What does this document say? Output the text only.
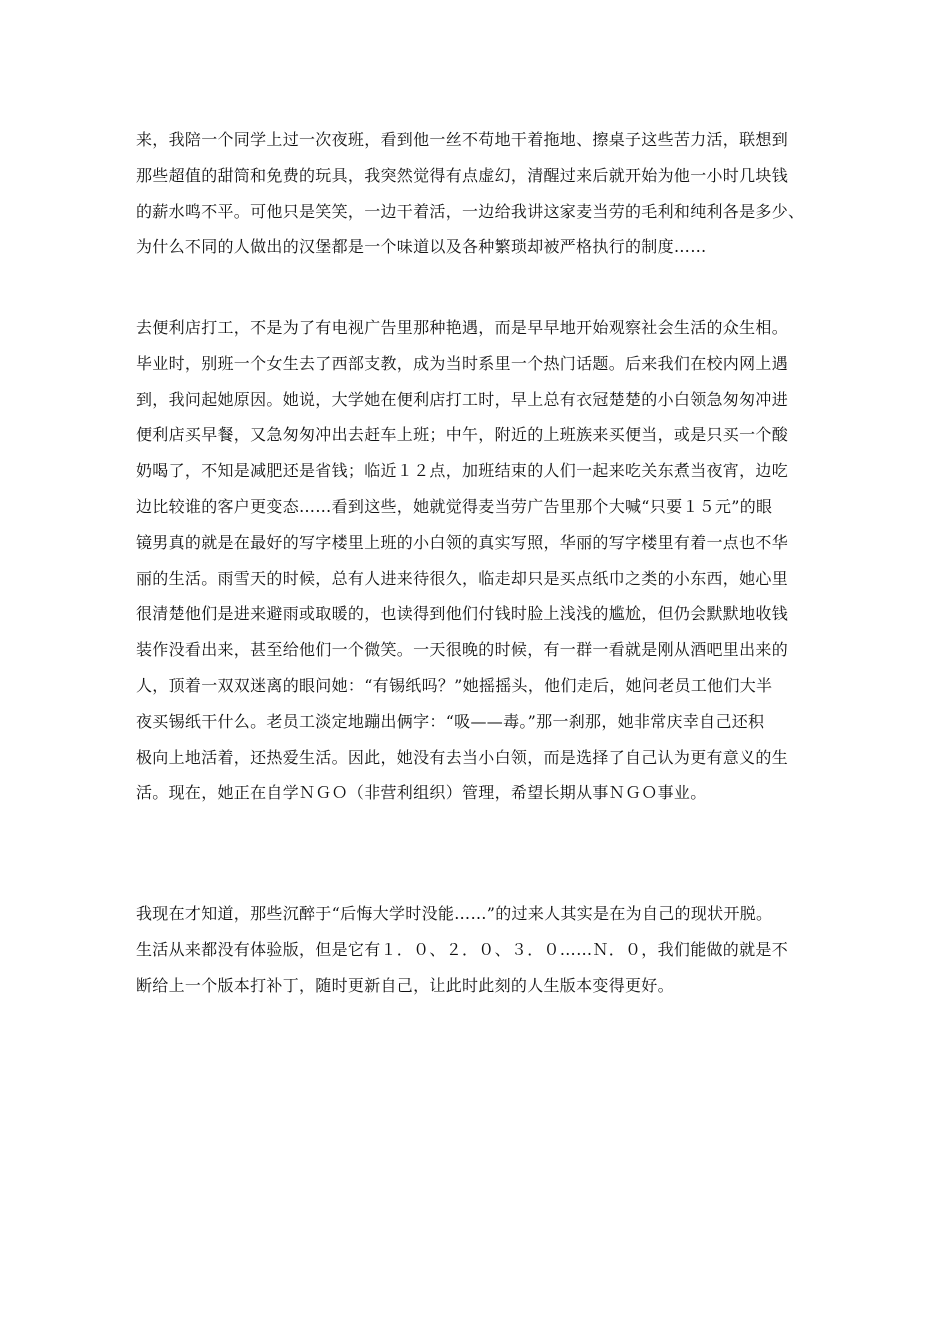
来，我陪一个同学上过一次夜班，看到他一丝不苟地干着拖地、擦桌子这些苦力活，联想到
那些超值的甜筒和免费的玩具，我突然觉得有点虚幻，清醒过来后就开始为他一小时几块钱
的薪水鸣不平。可他只是笑笑，一边干着活，一边给我讲这家麦当劳的毛利和纯利各是多少、
为什么不同的人做出的汉堡都是一个味道以及各种繁琐却被严格执行的制度……
去便利店打工，不是为了有电视广告里那种艳遇，而是早早地开始观察社会生活的众生相。
毕业时，别班一个女生去了西部支教，成为当时系里一个热门话题。后来我们在校内网上遇
到，我问起她原因。她说，大学她在便利店打工时，早上总有衣冠楚楚的小白领急匆匆冲进
便利店买早餐，又急匆匆冲出去赶车上班；中午，附近的上班族来买便当，或是只买一个酸
奶喝了，不知是减肥还是省钱；临近１２点，加班结束的人们一起来吃关东煮当夜宵，边吃
边比较谁的客户更变态……看到这些，她就觉得麦当劳广告里那个大喊“只要１５元”的眼
镜男真的就是在最好的写字楼里上班的小白领的真实写照，华丽的写字楼里有着一点也不华
丽的生活。雨雪天的时候，总有人进来待很久，临走却只是买点纸巾之类的小东西，她心里
很清楚他们是进来避雨或取暖的，也读得到他们付钱时脸上浅浅的尴尬，但仍会默默地收钱
装作没看出来，甚至给他们一个微笑。一天很晚的时候，有一群一看就是刚从酒吧里出来的
人，顶着一双双迷离的眼问她：“有锡纸吗？”她摇摇头，他们走后，她问老员工他们大半
夜买锡纸干什么。老员工淡定地蹦出俩字：“吸——毒。”那一刹那，她非常庆幸自己还积
极向上地活着，还热爱生活。因此，她没有去当小白领，而是选择了自己认为更有意义的生
活。现在，她正在自学ＮＧＯ（非营利组织）管理，希望长期从事ＮＧＯ事业。
我现在才知道，那些沉醉于“后悔大学时没能……”的过来人其实是在为自己的现状开脱。
生活从来都没有体验版，但是它有１．０、２．０、３．０……Ｎ．０，我们能做的就是不
断给上一个版本打补丁，随时更新自己，让此时此刻的人生版本变得更好。
